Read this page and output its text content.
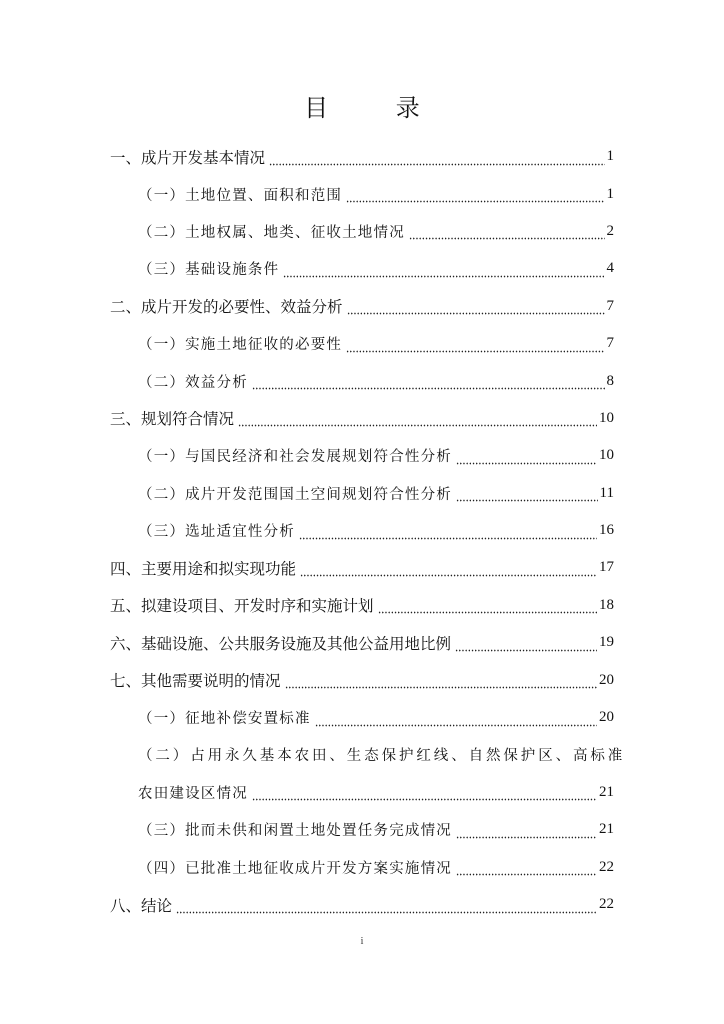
目 录
一、成片开发基本情况	1
（一）土地位置、面积和范围	1
（二）土地权属、地类、征收土地情况	2
（三）基础设施条件	4
二、成片开发的必要性、效益分析	7
（一）实施土地征收的必要性	7
（二）效益分析	8
三、规划符合情况	10
（一）与国民经济和社会发展规划符合性分析	10
（二）成片开发范围国土空间规划符合性分析	11
（三）选址适宜性分析	16
四、主要用途和拟实现功能	17
五、拟建设项目、开发时序和实施计划	18
六、基础设施、公共服务设施及其他公益用地比例	19
七、其他需要说明的情况	20
（一）征地补偿安置标准	20
（二）占用永久基本农田、生态保护红线、自然保护区、高标准
农田建设区情况	21
（三）批而未供和闲置土地处置任务完成情况	21
（四）已批准土地征收成片开发方案实施情况	22
八、结论	22
i
